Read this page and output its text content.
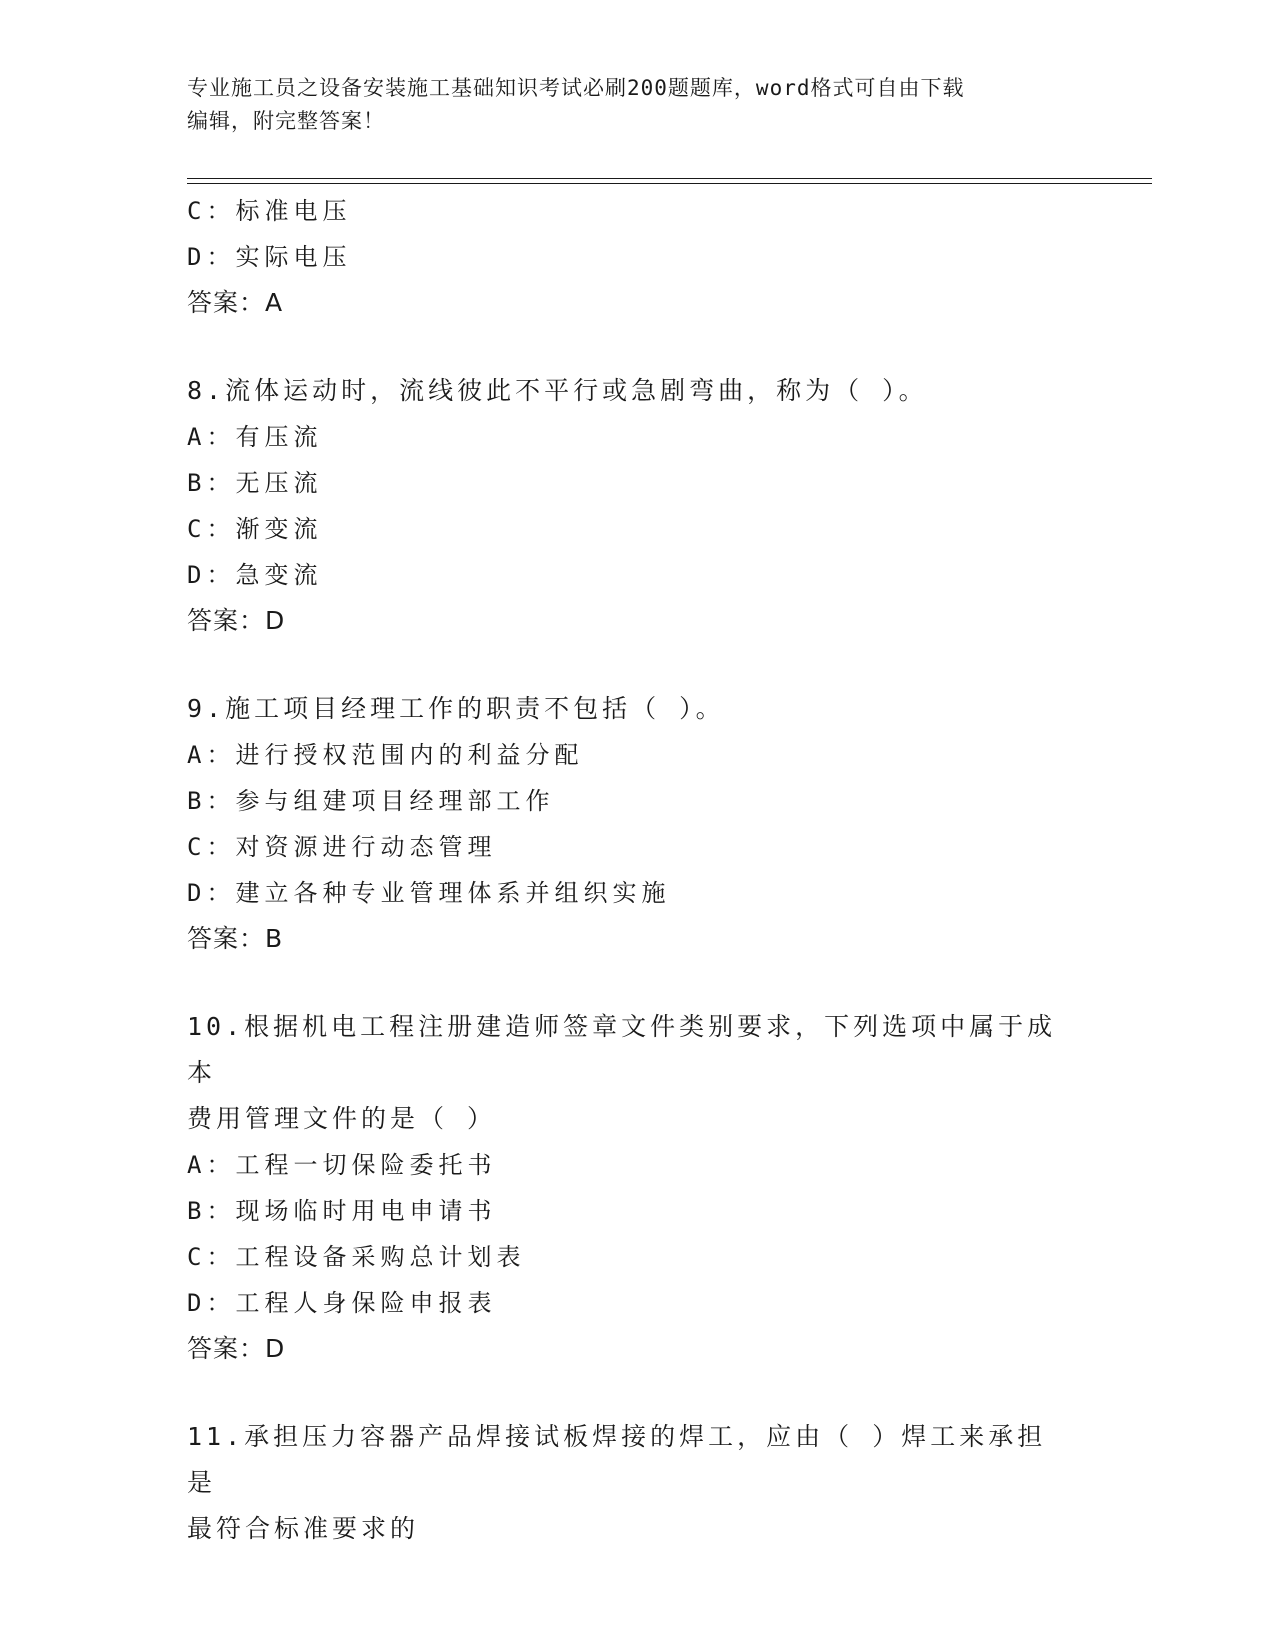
专业施工员之设备安装施工基础知识考试必刷200题题库，word格式可自由下载
编辑，附完整答案！
C：标准电压
D：实际电压
答案：A
8.流体运动时，流线彼此不平行或急剧弯曲，称为（ ）。
A：有压流
B：无压流
C：渐变流
D：急变流
答案：D
9.施工项目经理工作的职责不包括（ ）。
A：进行授权范围内的利益分配
B：参与组建项目经理部工作
C：对资源进行动态管理
D：建立各种专业管理体系并组织实施
答案：B
10.根据机电工程注册建造师签章文件类别要求，下列选项中属于成本
费用管理文件的是（ ）
A：工程一切保险委托书
B：现场临时用电申请书
C：工程设备采购总计划表
D：工程人身保险申报表
答案：D
11.承担压力容器产品焊接试板焊接的焊工，应由（ ）焊工来承担是
最符合标准要求的
